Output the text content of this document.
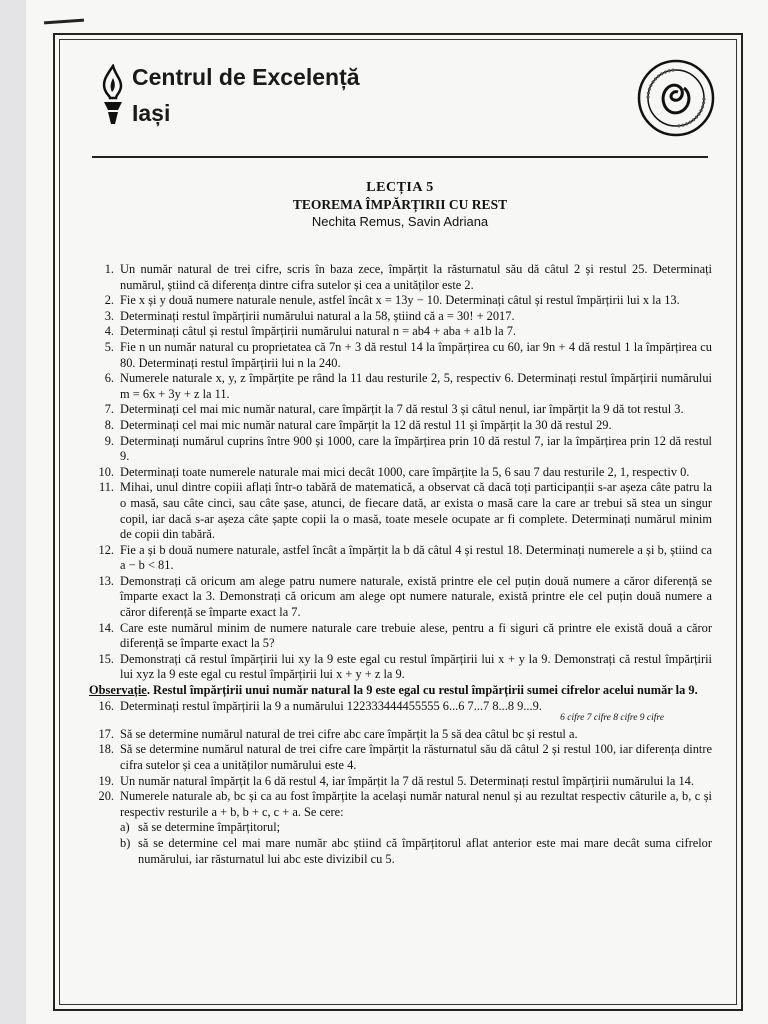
Centrul de Excelență
Iași
LECȚIA 5
TEOREMA ÎMPĂRȚIRII CU REST
Nechita Remus, Savin Adriana
1. Un număr natural de trei cifre, scris în baza zece, împărțit la răsturnatul său dă câtul 2 și restul 25. Determinați numărul, știind că diferența dintre cifra sutelor și cea a unităților este 2.
2. Fie x și y două numere naturale nenule, astfel încât x = 13y − 10. Determinați câtul și restul împărțirii lui x la 13.
3. Determinați restul împărțirii numărului natural a la 58, știind că a = 30! + 2017.
4. Determinați câtul și restul împărțirii numărului natural n = ab4 + aba + a1b la 7.
5. Fie n un număr natural cu proprietatea că 7n + 3 dă restul 14 la împărțirea cu 60, iar 9n + 4 dă restul 1 la împărțirea cu 80. Determinați restul împărțirii lui n la 240.
6. Numerele naturale x, y, z împărțite pe rând la 11 dau resturile 2, 5, respectiv 6. Determinați restul împărțirii numărului m = 6x + 3y + z la 11.
7. Determinați cel mai mic număr natural, care împărțit la 7 dă restul 3 și câtul nenul, iar împărțit la 9 dă tot restul 3.
8. Determinați cel mai mic număr natural care împărțit la 12 dă restul 11 și împărțit la 30 dă restul 29.
9. Determinați numărul cuprins între 900 și 1000, care la împărțirea prin 10 dă restul 7, iar la împărțirea prin 12 dă restul 9.
10. Determinați toate numerele naturale mai mici decât 1000, care împărțite la 5, 6 sau 7 dau resturile 2, 1, respectiv 0.
11. Mihai, unul dintre copiii aflați într-o tabără de matematică, a observat că dacă toți participanții s-ar așeza câte patru la o masă, sau câte cinci, sau câte șase, atunci, de fiecare dată, ar exista o masă care la care ar trebui să stea un singur copil, iar dacă s-ar așeza câte șapte copii la o masă, toate mesele ocupate ar fi complete. Determinați numărul minim de copii din tabără.
12. Fie a și b două numere naturale, astfel încât a împărțit la b dă câtul 4 și restul 18. Determinați numerele a și b, știind ca a − b < 81.
13. Demonstrați că oricum am alege patru numere naturale, există printre ele cel puțin două numere a căror diferență se împarte exact la 3. Demonstrați că oricum am alege opt numere naturale, există printre ele cel puțin două numere a căror diferență se împarte exact la 7.
14. Care este numărul minim de numere naturale care trebuie alese, pentru a fi siguri că printre ele există două a căror diferență se împarte exact la 5?
15. Demonstrați că restul împărțirii lui xy la 9 este egal cu restul împărțirii lui x + y la 9. Demonstrați că restul împărțirii lui xyz la 9 este egal cu restul împărțirii lui x + y + z la 9.
Observație. Restul împărțirii unui număr natural la 9 este egal cu restul împărțirii sumei cifrelor acelui număr la 9.
16. Determinați restul împărțirii la 9 a numărului 122333444455555 6...6 7...7 8...8 9...9.
6 cifre 7 cifre 8 cifre 9 cifre
17. Să se determine numărul natural de trei cifre abc care împărțit la 5 să dea câtul bc și restul a.
18. Să se determine numărul natural de trei cifre care împărțit la răsturnatul său dă câtul 2 și restul 100, iar diferența dintre cifra sutelor și cea a unităților numărului este 4.
19. Un număr natural împărțit la 6 dă restul 4, iar împărțit la 7 dă restul 5. Determinați restul împărțirii numărului la 14.
20. Numerele naturale ab, bc și ca au fost împărțite la același număr natural nenul și au rezultat respectiv câturile a, b, c și respectiv resturile a + b, b + c, c + a. Se cere:
a) să se determine împărțitorul;
b) să se determine cel mai mare număr abc știind că împărțitorul aflat anterior este mai mare decât suma cifrelor numărului, iar răsturnatul lui abc este divizibil cu 5.
